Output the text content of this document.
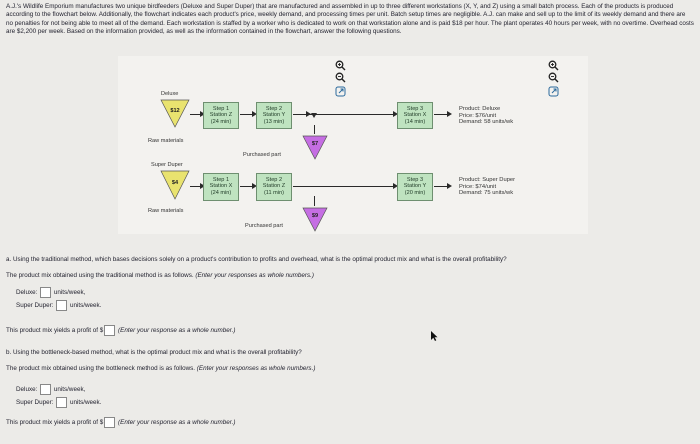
A.J.'s Wildlife Emporium manufactures two unique birdfeeders (Deluxe and Super Duper) that are manufactured and assembled in up to three different workstations (X, Y, and Z) using a small batch process. Each of the products is produced according to the flowchart below. Additionally, the flowchart indicates each product's price, weekly demand, and processing times per unit. Batch setup times are negligible. A.J. can make and sell up to the limit of its weekly demand and there are no penalties for not being able to meet all of the demand. Each workstation is staffed by a worker who is dedicated to work on that workstation alone and is paid $18 per hour. The plant operates 40 hours per week, with no overtime. Overhead costs are $2,200 per week. Based on the information provided, as well as the information contained in the flowchart, answer the following questions.
Deluxe
$12
Raw materials
Step 1
Station Z
(24 min)
Step 2
Station Y
(13 min)
Purchased part
$7
Step 3
Station X
(14 min)
Product: Deluxe
Price: $76/unit
Demand: 58 units/wk
Super Duper
$4
Raw materials
Step 1
Station X
(24 min)
Step 2
Station Z
(11 min)
Purchased part
$9
Step 3
Station Y
(20 min)
Product: Super Duper
Price: $74/unit
Demand: 75 units/wk
a. Using the traditional method, which bases decisions solely on a product's contribution to profits and overhead, what is the optimal product mix and what is the overall profitability?
The product mix obtained using the traditional method is as follows. (Enter your responses as whole numbers.)
Deluxe:	units/week,
Super Duper:	units/week.
This product mix yields a profit of $ (Enter your response as a whole number.)
b. Using the bottleneck-based method, what is the optimal product mix and what is the overall profitability?
The product mix obtained using the bottleneck method is as follows. (Enter your responses as whole numbers.)
Deluxe:	units/week,
Super Duper:	units/week.
This product mix yields a profit of $ (Enter your response as a whole number.)
